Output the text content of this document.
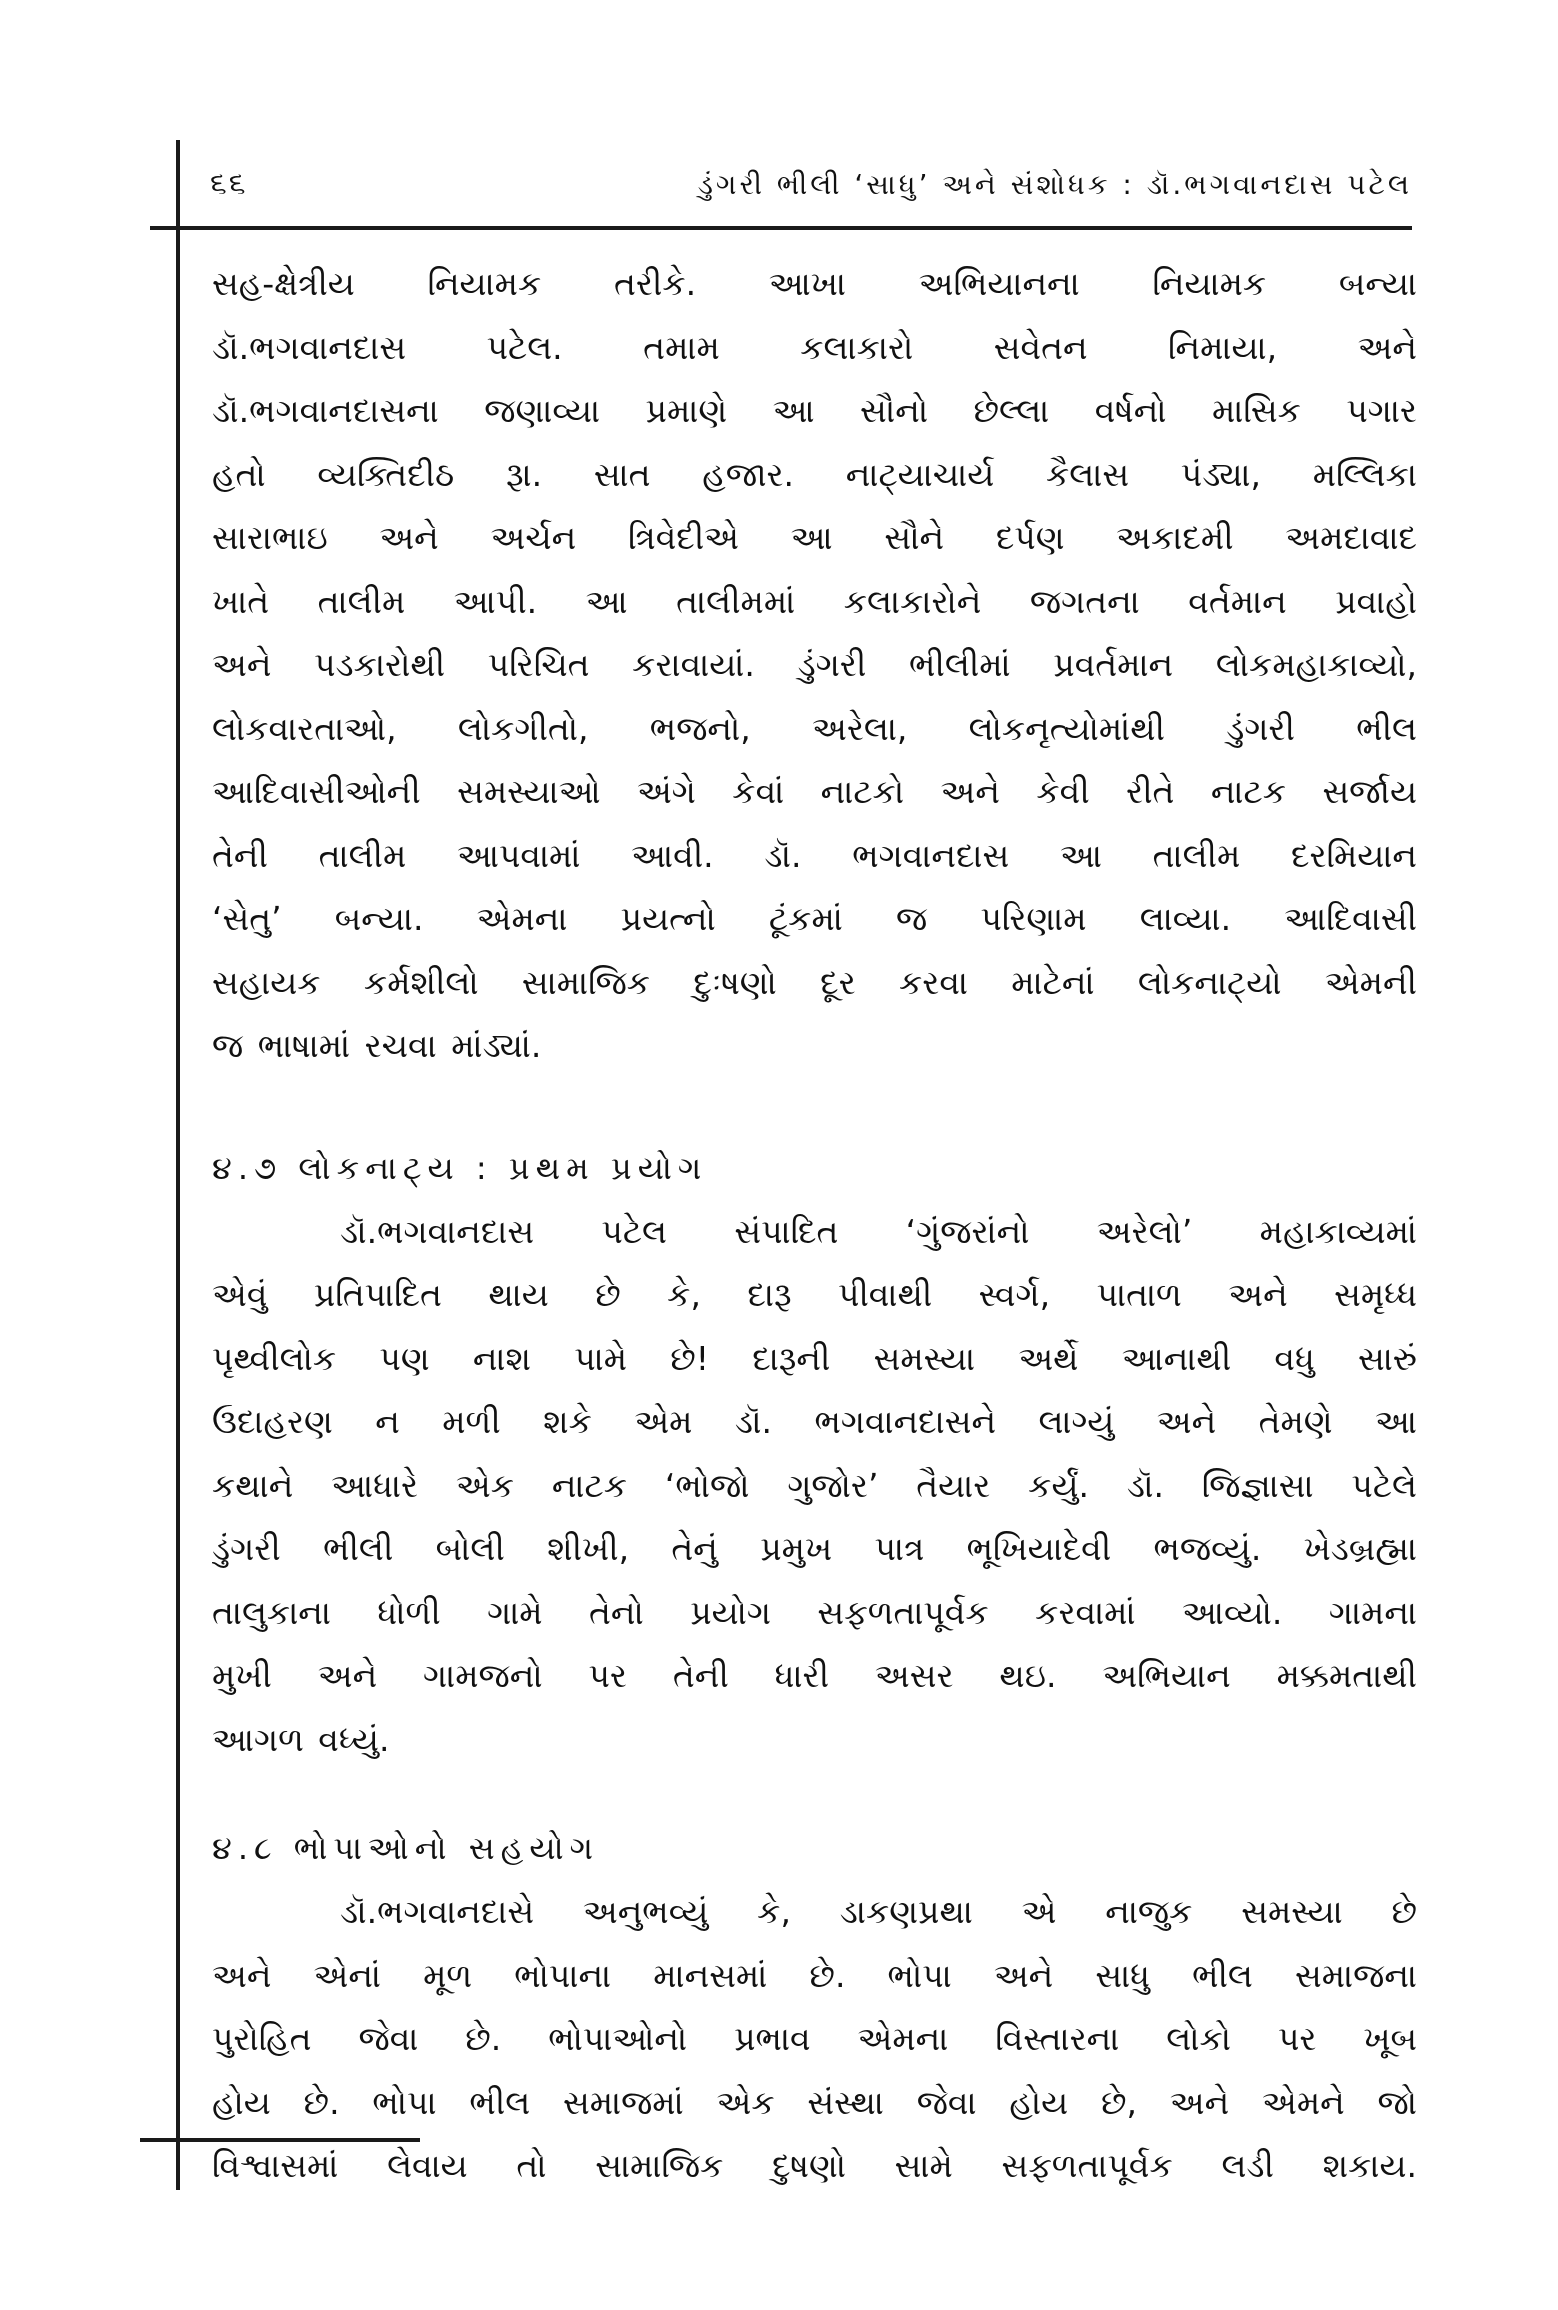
૬૬	ડુંગરી ભીલી ‘સાધુ’ અને સંશોધક : ડૉ.ભગવાનદાસ પટેલ
સહ-ક્ષેત્રીય નિયામક તરીકે. આખા અભિયાનના નિયામક બન્યા
ડૉ.ભગવાનદાસ પટેલ. તમામ કલાકારો સવેતન નિમાયા, અને
ડૉ.ભગવાનદાસના જણાવ્યા પ્રમાણે આ સૌનો છેલ્લા વર્ષનો માસિક પગાર
હતો વ્યક્તિદીઠ રૂા. સાત હજાર. નાટ્યાચાર્ય કૈલાસ પંડ્યા, મલ્લિકા
સારાભાઇ અને અર્ચન ત્રિવેદીએ આ સૌને દર્પણ અકાદમી અમદાવાદ
ખાતે તાલીમ આપી. આ તાલીમમાં કલાકારોને જગતના વર્તમાન પ્રવાહો
અને પડકારોથી પરિચિત કરાવાયાં. ડુંગરી ભીલીમાં પ્રવર્તમાન લોકમહાકાવ્યો,
લોકવારતાઓ, લોકગીતો, ભજનો, અરેલા, લોકનૃત્યોમાંથી ડુંગરી ભીલ
આદિવાસીઓની સમસ્યાઓ અંગે કેવાં નાટકો અને કેવી રીતે નાટક સર્જાય
તેની તાલીમ આપવામાં આવી. ડૉ. ભગવાનદાસ આ તાલીમ દરમિયાન
‘સેતુ’ બન્યા. એમના પ્રયત્નો ટૂંકમાં જ પરિણામ લાવ્યા. આદિવાસી
સહાયક કર્મશીલો સામાજિક દુઃષણો દૂર કરવા માટેનાં લોકનાટ્યો એમની
જ ભાષામાં રચવા માંડ્યાં.
૪.૭ લોકનાટ્ય : પ્રથમ પ્રયોગ
ડૉ.ભગવાનદાસ પટેલ સંપાદિત ‘ગુંજરાંનો અરેલો’ મહાકાવ્યમાં
એવું પ્રતિપાદિત થાય છે કે, દારૂ પીવાથી સ્વર્ગ, પાતાળ અને સમૃધ્ધ
પૃથ્વીલોક પણ નાશ પામે છે! દારૂની સમસ્યા અર્થે આનાથી વધુ સારું
ઉદાહરણ ન મળી શકે એમ ડૉ. ભગવાનદાસને લાગ્યું અને તેમણે આ
કથાને આધારે એક નાટક ‘ભોજો ગુજોર’ તૈયાર કર્યું. ડૉ. જિજ્ઞાસા પટેલે
ડુંગરી ભીલી બોલી શીખી, તેનું પ્રમુખ પાત્ર ભૂખિયાદેવી ભજવ્યું. ખેડબ્રહ્મા
તાલુકાના ધોળી ગામે તેનો પ્રયોગ સફળતાપૂર્વક કરવામાં આવ્યો. ગામના
મુખી અને ગામજનો પર તેની ધારી અસર થઇ. અભિયાન મક્કમતાથી
આગળ વધ્યું.
૪.૮ ભોપાઓનો સહયોગ
ડૉ.ભગવાનદાસે અનુભવ્યું કે, ડાકણપ્રથા એ નાજુક સમસ્યા છે
અને એનાં મૂળ ભોપાના માનસમાં છે. ભોપા અને સાધુ ભીલ સમાજના
પુરોહિત જેવા છે. ભોપાઓનો પ્રભાવ એમના વિસ્તારના લોકો પર ખૂબ
હોય છે. ભોપા ભીલ સમાજમાં એક સંસ્થા જેવા હોય છે, અને એમને જો
વિશ્વાસમાં લેવાય તો સામાજિક દુષણો સામે સફળતાપૂર્વક લડી શકાય.
